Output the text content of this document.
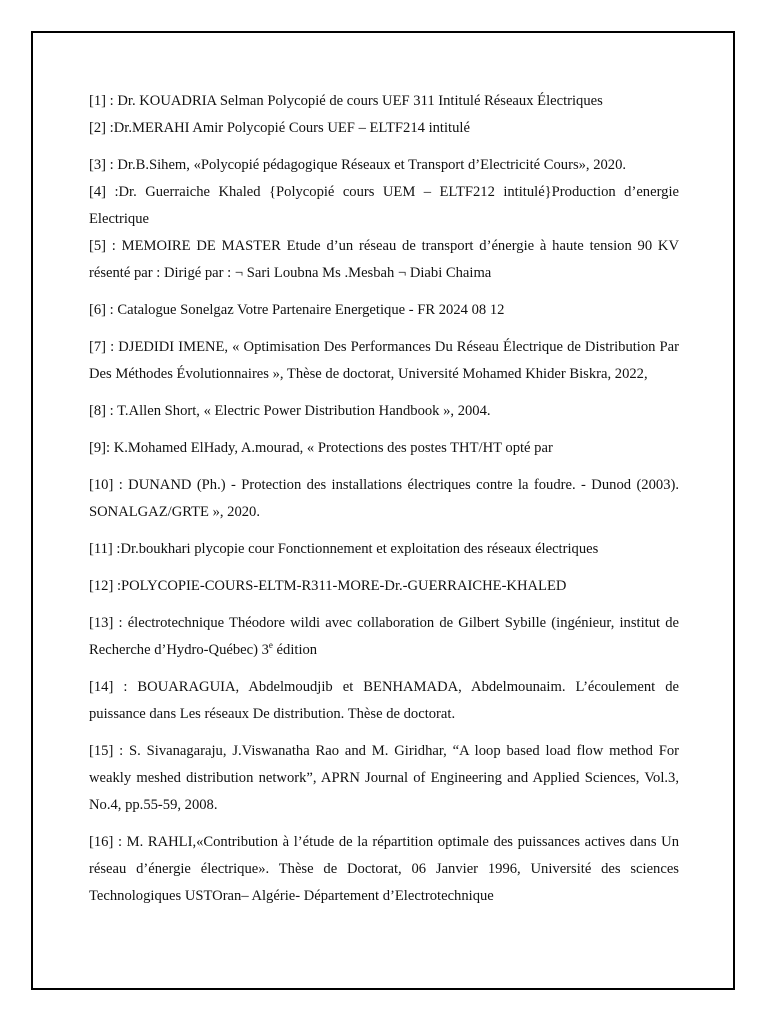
[1] : Dr. KOUADRIA Selman Polycopié de cours UEF 311 Intitulé Réseaux Électriques
[2] :Dr.MERAHI Amir Polycopié Cours UEF – ELTF214 intitulé
[3] : Dr.B.Sihem, «Polycopié pédagogique Réseaux et Transport d’Electricité Cours», 2020.
[4] :Dr. Guerraiche Khaled {Polycopié cours UEM – ELTF212 intitulé}Production d’energie Electrique
[5] : MEMOIRE DE MASTER Etude d’un réseau de transport d’énergie à haute tension 90 KV résenté par : Dirigé par : ¬ Sari Loubna Ms .Mesbah ¬ Diabi Chaima
[6] : Catalogue Sonelgaz Votre Partenaire Energetique - FR 2024 08 12
[7] : DJEDIDI IMENE, « Optimisation Des Performances Du Réseau Électrique de Distribution Par Des Méthodes Évolutionnaires », Thèse de doctorat, Université Mohamed Khider Biskra, 2022,
[8] : T.Allen Short, « Electric Power Distribution Handbook », 2004.
[9]: K.Mohamed ElHady, A.mourad, « Protections des postes THT/HT opté par
[10] : DUNAND (Ph.) - Protection des installations électriques contre la foudre. - Dunod (2003). SONALGAZ/GRTE », 2020.
[11] :Dr.boukhari plycopie cour Fonctionnement et exploitation des réseaux électriques
[12] :POLYCOPIE-COURS-ELTM-R311-MORE-Dr.-GUERRAICHE-KHALED
[13] : électrotechnique Théodore wildi avec collaboration de Gilbert Sybille (ingénieur, institut de Recherche d’Hydro-Québec) 3e édition
[14] : BOUARAGUIA, Abdelmoudjib et BENHAMADA, Abdelmounaim. L’écoulement de puissance dans Les réseaux De distribution. Thèse de doctorat.
[15] : S. Sivanagaraju, J.Viswanatha Rao and M. Giridhar, “A loop based load flow method For weakly meshed distribution network”, APRN Journal of Engineering and Applied Sciences, Vol.3, No.4, pp.55-59, 2008.
[16] : M. RAHLI,«Contribution à l’étude de la répartition optimale des puissances actives dans Un réseau d’énergie électrique». Thèse de Doctorat, 06 Janvier 1996, Université des sciences Technologiques USTOran– Algérie- Département d’Electrotechnique
